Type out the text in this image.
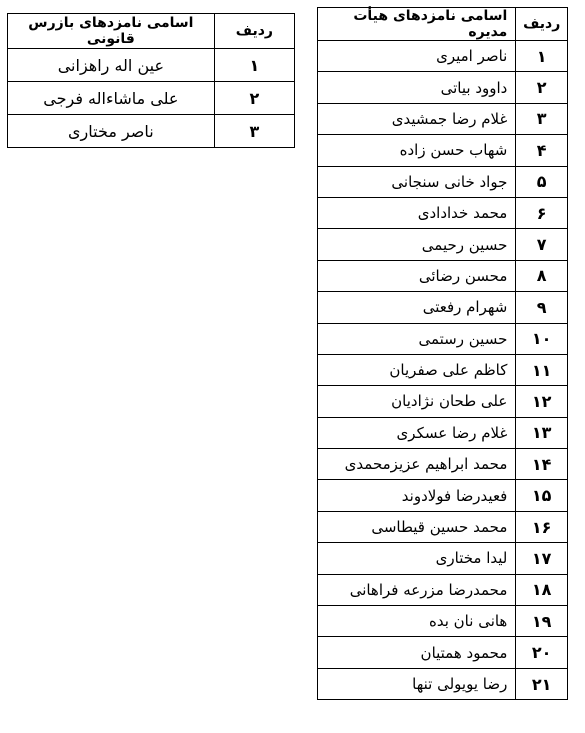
ردیف	اسامی نامزدهای هیأت مدیره
۱	ناصر امیری
۲	داوود بیاتی
۳	غلام رضا جمشیدی
۴	شهاب حسن زاده
۵	جواد خانی سنجانی
۶	محمد خدادادی
۷	حسین رحیمی
۸	محسن رضائی
۹	شهرام رفعتی
۱۰	حسین رستمی
۱۱	کاظم علی صفریان
۱۲	علی طحان نژادیان
۱۳	غلام رضا عسکری
۱۴	محمد ابراهیم عزیزمحمدی
۱۵	فعیدرضا فولادوند
۱۶	محمد حسین قیطاسی
۱۷	لیدا مختاری
۱۸	محمدرضا مزرعه فراهانی
۱۹	هانی نان بده
۲۰	محمود همتیان
۲۱	رضا یویولی تنها
ردیف	اسامی نامزدهای بازرس قانونی
۱	عین اله راهزانی
۲	علی ماشاءاله فرجی
۳	ناصر مختاری
